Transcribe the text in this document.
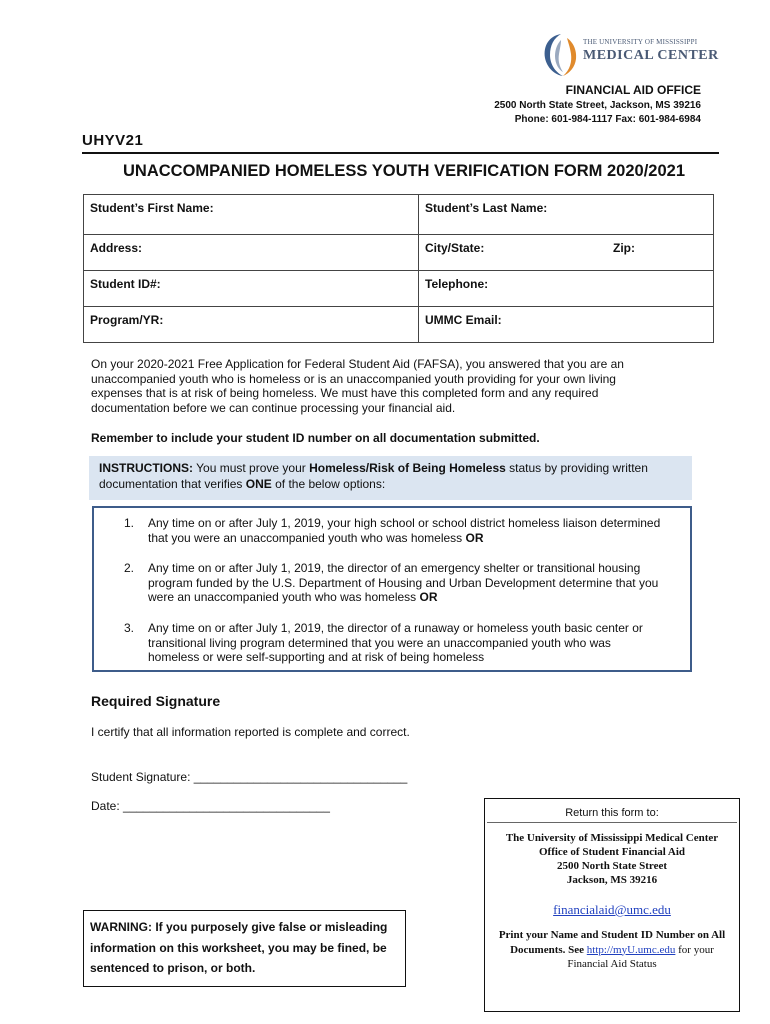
THE UNIVERSITY OF MISSISSIPPI
MEDICAL CENTER
FINANCIAL AID OFFICE
2500 North State Street, Jackson, MS 39216
Phone: 601-984-1117 Fax: 601-984-6984
UHYV21
UNACCOMPANIED HOMELESS YOUTH VERIFICATION FORM 2020/2021
Student’s First Name:	Student’s Last Name:
Address:	City/State: Zip:

Student ID#:	Telephone:
Program/YR:	UMMC Email:
On your 2020-2021 Free Application for Federal Student Aid (FAFSA), you answered that you are an unaccompanied youth who is homeless or is an unaccompanied youth providing for your own living expenses that is at risk of being homeless. We must have this completed form and any required documentation before we can continue processing your financial aid.
Remember to include your student ID number on all documentation submitted.
INSTRUCTIONS: You must prove your Homeless/Risk of Being Homeless status by providing written documentation that verifies ONE of the below options:
1. Any time on or after July 1, 2019, your high school or school district homeless liaison determined that you were an unaccompanied youth who was homeless OR
2. Any time on or after July 1, 2019, the director of an emergency shelter or transitional housing program funded by the U.S. Department of Housing and Urban Development determine that you were an unaccompanied youth who was homeless OR
3. Any time on or after July 1, 2019, the director of a runaway or homeless youth basic center or transitional living program determined that you were an unaccompanied youth who was homeless or were self-supporting and at risk of being homeless
Required Signature
I certify that all information reported is complete and correct.
Student Signature: ________________________________
Date: _______________________________	Return this form to:
The University of Mississippi Medical Center
Office of Student Financial Aid
2500 North State Street
Jackson, MS 39216
financialaid@umc.edu
Print your Name and Student ID Number on All Documents. See http://myU.umc.edu for your Financial Aid Status
WARNING: If you purposely give false or misleading information on this worksheet, you may be fined, be sentenced to prison, or both.
